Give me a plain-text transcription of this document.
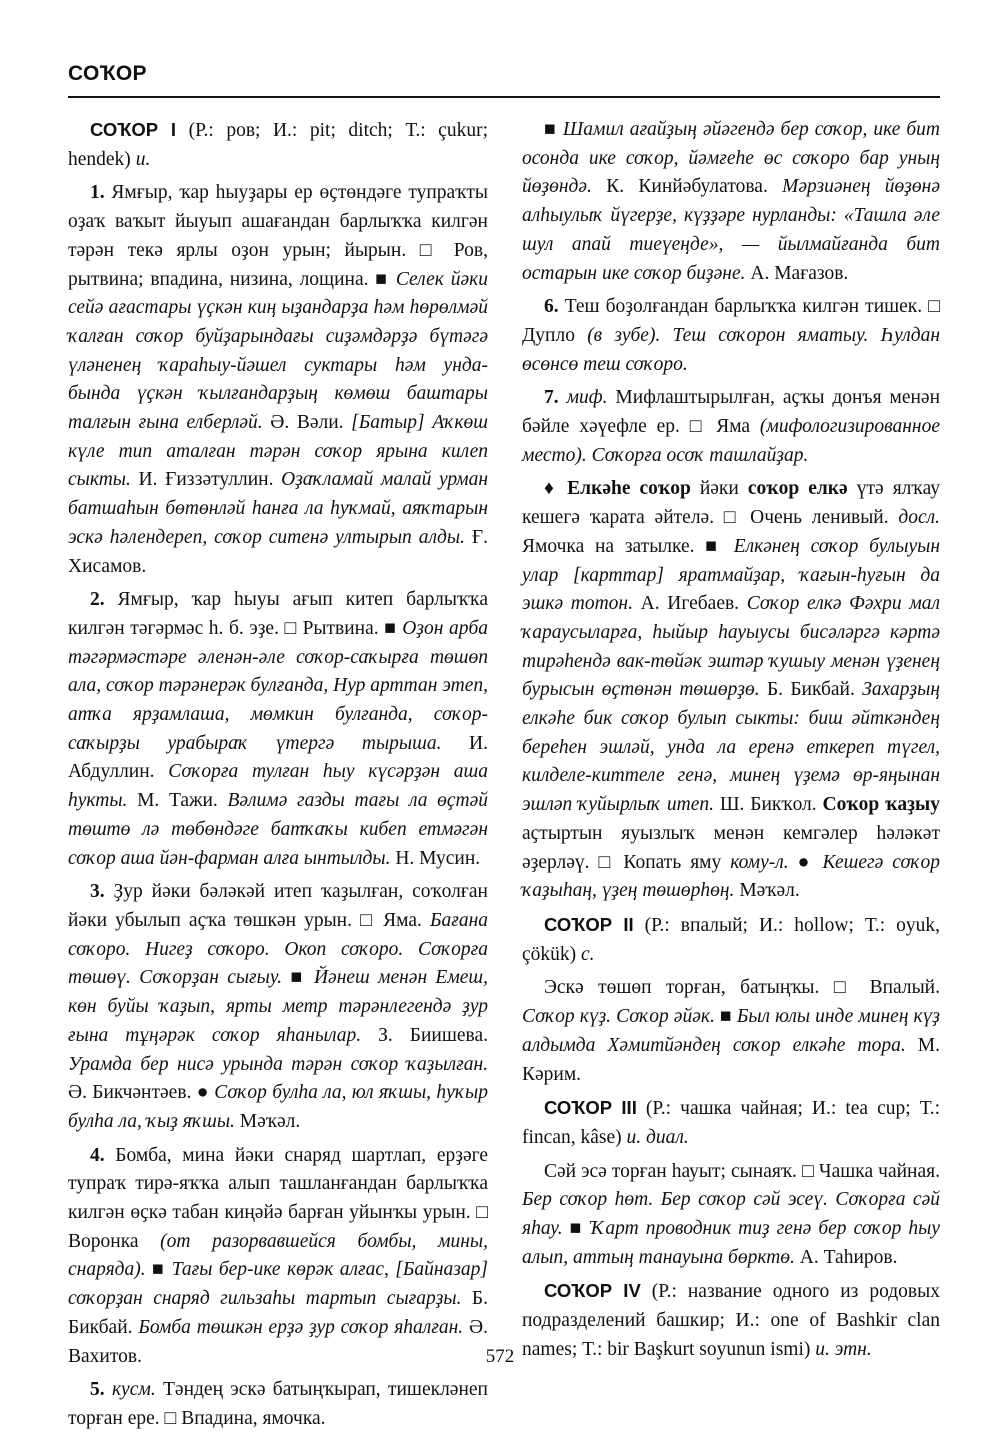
СОҠОР

СОҠОР I (Р.: ров; И.: pit; ditch; Т.: çukur; hendek) и.

1. Ямғыр, ҡар һыуҙары ер өҫтөндәге тупраҡты оҙаҡ ваҡыт йыуып ашағандан барлыҡҡа килгән тәрән текә ярлы оҙон урын; йырын. □ Ров, рытвина; впадина, низина, лощина. ■ Селек йәки сейә ағастары үҫкән киң ыҙандарҙа һәм һөрөлмәй ҡалған соҡор буйҙарындағы сиҙәмдәрҙә бүтәгә үләненең ҡараһыу-йәшел суктары һәм унда-бында үҫкән ҡылғандарҙың көмөш баштары талғын ғына елберләй. Ә. Вәли. [Батыр] Аҡкөш күле тип аталған тәрән соҡор ярына килеп сыкты. И. Ғиззәтуллин. Оҙаҡламай малай урман батшаһын бөтөнләй һанға ла һуҡмай, аяҡтарын эскә һәлендереп, соҡор ситенә ултырып алды. Ғ. Хисамов.

2. Ямғыр, ҡар һыуы ағып китеп барлыҡҡа килгән тәгәрмәс һ. б. эҙе. □ Рытвина. ■ Оҙон арба тәгәрмәстәре әленән-әле соҡор-саҡырға төшөп ала, соҡор тәрәнерәк булғанда, Нур арттан этеп, атҡа ярҙамлаша, мөмкин булғанда, соҡор-саҡырҙы урабыраҡ үтергә тырыша. И. Абдуллин. Соҡорға тулған һыу күсәрҙән аша һукты. М. Тажи. Вәлимә газды тағы ла өҫтәй төштө лә төбөндәге батҡаҡы кибеп етмәгән соҡор аша йән-фарман алға ынтылды. Н. Мусин.

3. Ҙур йәки бәләкәй итеп ҡаҙылған, соҡолған йәки убылып аҫҡа төшкән урын. □ Яма. Бағана соҡоро. Нигеҙ соҡоро. Окоп соҡоро. Соҡорға төшөү. Соҡорҙан сығыу. ■ Йәнеш менән Емеш, көн буйы ҡаҙып, ярты метр тәрәнлегендә ҙур ғына тұңәрәк соҡор яһанылар. З. Биишева. Урамда бер нисә урында тәрән соҡор ҡаҙылған. Ә. Бикчәнтәев. ● Соҡор булһа ла, юл яҡшы, һуҡыр булһа ла, ҡыҙ яҡшы. Мәҡәл.

4. Бомба, мина йәки снаряд шартлап, ерҙәге тупраҡ тирә-яҡҡа алып ташланғандан барлыҡҡа килгән өҫкә табан киңәйә барған уйынҡы урын. □ Воронка (от разорвавшейся бомбы, мины, снаряда). ■ Тағы бер-ике көрәк алғас, [Байназар] соҡорҙан снаряд гильзаһы тартып сығарҙы. Б. Бикбай. Бомба төшкән ерҙә ҙур соҡор яһалған. Ә. Вахитов.

5. кусм. Тәндең эскә батыңҡырап, тишекләнеп торған ере. □ Впадина, ямочка.

■ Шамил ағайҙың әйәгендә бер соҡор, ике бит осонда ике соҡор, йәмғеһе өс соҡоро бар уның йөҙөндә. К. Кинйәбулатова. Мәрзиәнең йөҙөнә алһыулыҡ йүгерҙе, күҙҙәре нурланды: «Ташла әле шул апай тиеүеңде», — йылмайғанда бит остарын ике соҡор биҙәне. А. Мағазов.

6. Теш боҙолғандан барлыҡҡа килгән тишек. □ Дупло (в зубе). Теш соҡорон яматыу. Һулдан өсөнсө теш соҡоро.

7. миф. Мифлаштырылған, аҫҡы донъя менән бәйле хәүефле ер. □ Яма (мифологизированное место). Соҡорға осоҡ ташлайҙар.

♦ Елкәһе соҡор йәки соҡор елкә үтә ялҡау кешегә ҡарата әйтелә. □ Очень ленивый. досл. Ямочка на затылке. ■ Елкәнең соҡор булыуын улар [карттар] яратмайҙар, ҡағын-һуғын да эшкә тотон. А. Игебаев. Соҡор елкә Фәхри мал ҡараусыларға, һыйыр һауыусы бисәләргә кәртә тирәһендә вак-төйәк эштәр ҡушыу менән үҙенең бурысын өҫтөнән төшөрҙө. Б. Бикбай. Захарҙың елкәһе бик соҡор булып сыкты: биш әйткәндең береһен эшләй, унда ла еренә еткереп түгел, килделе-киттеле генә, минең үҙемә өр-яңынан эшләп ҡуйырлыҡ итеп. Ш. Бикҡол. Соҡор ҡаҙыу аҫтыртын яуызлыҡ менән кемгәлер һәләкәт әҙерләү. □ Копать яму кому-л. ● Кешегә соҡор ҡаҙыһаң, үҙең төшөрһөң. Мәҡәл.

СОҠОР II (Р.: впалый; И.: hollow; Т.: oyuk, çökük) с.

Эскә төшөп торған, батыңҡы. □ Впалый. Соҡор күҙ. Соҡор әйәк. ■ Был юлы инде минең күҙ алдымда Хәмитйәндең соҡор елкәһе тора. М. Кәрим.

СОҠОР III (Р.: чашка чайная; И.: tea cup; Т.: fincan, kâse) и. диал.

Сәй эсә торған һауыт; сынаяҡ. □ Чашка чайная. Бер соҡор һөт. Бер соҡор сәй эсеү. Соҡорға сәй яһау. ■ Ҡарт проводник тиҙ генә бер соҡор һыу алып, аттың танауына бөрктө. А. Таһиров.

СОҠОР IV (Р.: название одного из родовых подразделений башкир; И.: one of Bashkir clan names; Т.: bir Başkurt soyunun ismi) и. этн.

572
